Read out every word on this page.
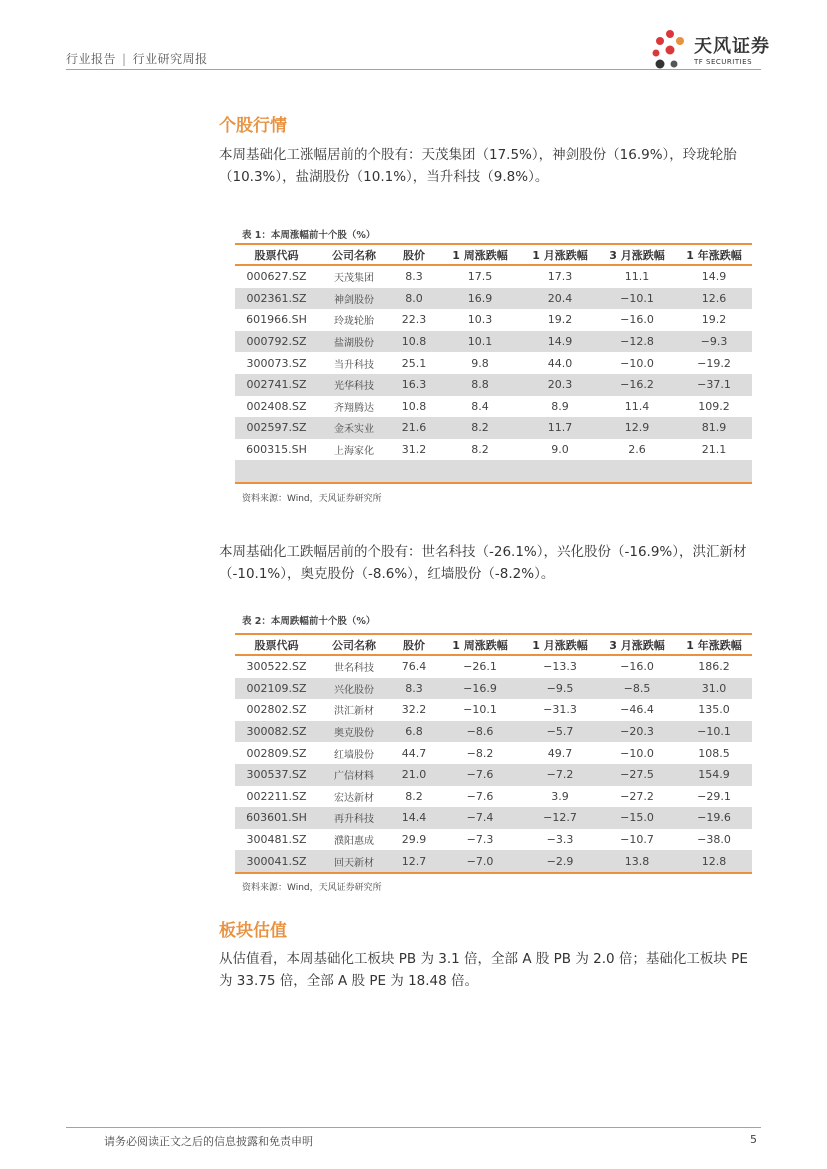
行业报告 | 行业研究周报
天风证券
TF SECURITIES
个股行情
本周基础化工涨幅居前的个股有：天茂集团（17.5%），神剑股份（16.9%），玲珑轮胎（10.3%），盐湖股份（10.1%），当升科技（9.8%）。
表 1：本周涨幅前十个股（%）
股票代码	公司名称	股价	1 周涨跌幅	1 月涨跌幅	3 月涨跌幅	1 年涨跌幅
000627.SZ	天茂集团	8.3	17.5	17.3	11.1	14.9
002361.SZ	神剑股份	8.0	16.9	20.4	−10.1	12.6
601966.SH	玲珑轮胎	22.3	10.3	19.2	−16.0	19.2
000792.SZ	盐湖股份	10.8	10.1	14.9	−12.8	−9.3
300073.SZ	当升科技	25.1	9.8	44.0	−10.0	−19.2
002741.SZ	光华科技	16.3	8.8	20.3	−16.2	−37.1
002408.SZ	齐翔腾达	10.8	8.4	8.9	11.4	109.2
002597.SZ	金禾实业	21.6	8.2	11.7	12.9	81.9
600315.SH	上海家化	31.2	8.2	9.0	2.6	21.1

资料来源：Wind，天风证券研究所
本周基础化工跌幅居前的个股有：世名科技（-26.1%），兴化股份（-16.9%），洪汇新材（-10.1%），奥克股份（-8.6%），红墙股份（-8.2%）。
表 2：本周跌幅前十个股（%）
股票代码	公司名称	股价	1 周涨跌幅	1 月涨跌幅	3 月涨跌幅	1 年涨跌幅
300522.SZ	世名科技	76.4	−26.1	−13.3	−16.0	186.2
002109.SZ	兴化股份	8.3	−16.9	−9.5	−8.5	31.0
002802.SZ	洪汇新材	32.2	−10.1	−31.3	−46.4	135.0
300082.SZ	奥克股份	6.8	−8.6	−5.7	−20.3	−10.1
002809.SZ	红墙股份	44.7	−8.2	49.7	−10.0	108.5
300537.SZ	广信材料	21.0	−7.6	−7.2	−27.5	154.9
002211.SZ	宏达新材	8.2	−7.6	3.9	−27.2	−29.1
603601.SH	再升科技	14.4	−7.4	−12.7	−15.0	−19.6
300481.SZ	濮阳惠成	29.9	−7.3	−3.3	−10.7	−38.0
300041.SZ	回天新材	12.7	−7.0	−2.9	13.8	12.8
资料来源：Wind，天风证券研究所
板块估值
从估值看，本周基础化工板块 PB 为 3.1 倍，全部 A 股 PB 为 2.0 倍；基础化工板块 PE 为 33.75 倍，全部 A 股 PE 为 18.48 倍。
请务必阅读正文之后的信息披露和免责申明	5
